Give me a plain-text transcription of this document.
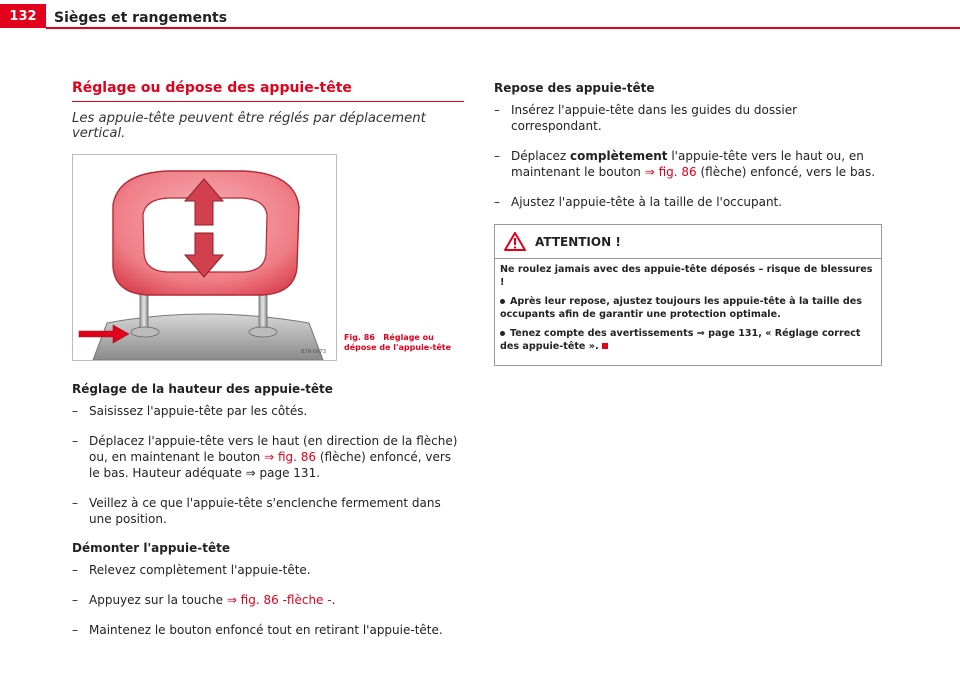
132	Sièges et rangements
Réglage ou dépose des appuie-tête

Les appuie-tête peuvent être réglés par déplacement vertical.

B7N-0673
Fig. 86 Réglage ou
dépose de l'appuie-tête
Réglage de la hauteur des appuie-tête
– Saisissez l'appuie-tête par les côtés.
– Déplacez l'appuie-tête vers le haut (en direction de la flèche) ou, en maintenant le bouton ⇒ fig. 86 (flèche) enfoncé, vers le bas. Hauteur adéquate ⇒ page 131.
– Veillez à ce que l'appuie-tête s'enclenche fermement dans une position.
Démonter l'appuie-tête
– Relevez complètement l'appuie-tête.
– Appuyez sur la touche ⇒ fig. 86 -flèche -.
– Maintenez le bouton enfoncé tout en retirant l'appuie-tête.
Repose des appuie-tête
– Insérez l'appuie-tête dans les guides du dossier correspondant.
– Déplacez complètement l'appuie-tête vers le haut ou, en maintenant le bouton ⇒ fig. 86 (flèche) enfoncé, vers le bas.
– Ajustez l'appuie-tête à la taille de l'occupant.
ATTENTION !

Ne roulez jamais avec des appuie-tête déposés – risque de blessures !

Après leur repose, ajustez toujours les appuie-tête à la taille des occupants afin de garantir une protection optimale.

Tenez compte des avertissements ⇒ page 131, « Réglage correct des appuie-tête ».
